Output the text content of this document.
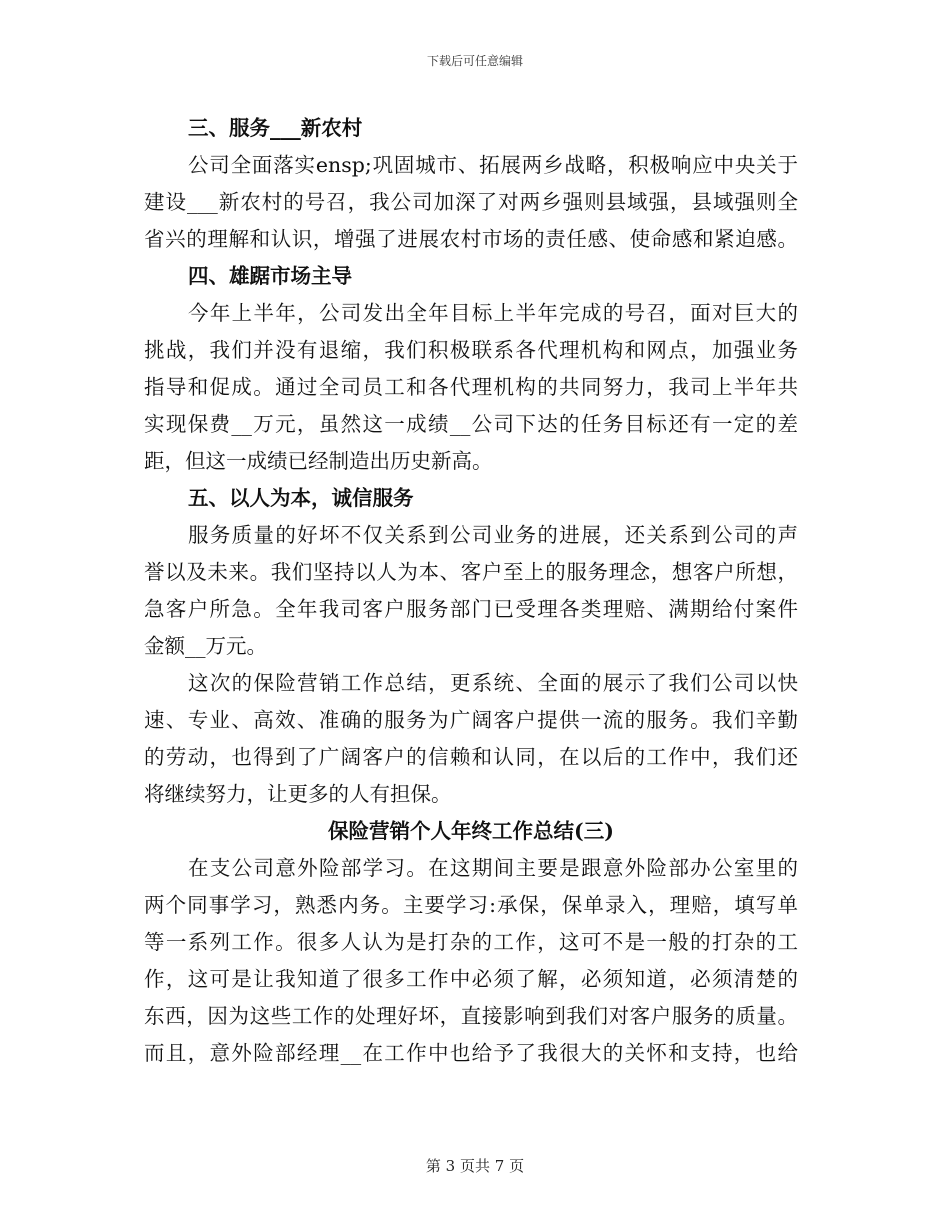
下载后可任意编辑
三、服务___新农村
公司全面落实ensp;巩固城市、拓展两乡战略，积极响应中央关于
建设___新农村的号召，我公司加深了对两乡强则县域强，县域强则全
省兴的理解和认识，增强了进展农村市场的责任感、使命感和紧迫感。
四、雄踞市场主导
今年上半年，公司发出全年目标上半年完成的号召，面对巨大的
挑战，我们并没有退缩，我们积极联系各代理机构和网点，加强业务
指导和促成。通过全司员工和各代理机构的共同努力，我司上半年共
实现保费__万元，虽然这一成绩__公司下达的任务目标还有一定的差
距，但这一成绩已经制造出历史新高。
五、以人为本，诚信服务
服务质量的好坏不仅关系到公司业务的进展，还关系到公司的声
誉以及未来。我们坚持以人为本、客户至上的服务理念，想客户所想，
急客户所急。全年我司客户服务部门已受理各类理赔、满期给付案件
金额__万元。
这次的保险营销工作总结，更系统、全面的展示了我们公司以快
速、专业、高效、准确的服务为广阔客户提供一流的服务。我们辛勤
的劳动，也得到了广阔客户的信赖和认同，在以后的工作中，我们还
将继续努力，让更多的人有担保。
保险营销个人年终工作总结(三)
在支公司意外险部学习。在这期间主要是跟意外险部办公室里的
两个同事学习，熟悉内务。主要学习:承保，保单录入，理赔，填写单
等一系列工作。很多人认为是打杂的工作，这可不是一般的打杂的工
作，这可是让我知道了很多工作中必须了解，必须知道，必须清楚的
东西，因为这些工作的处理好坏，直接影响到我们对客户服务的质量。
而且，意外险部经理__在工作中也给予了我很大的关怀和支持，也给
第 3 页共 7 页
